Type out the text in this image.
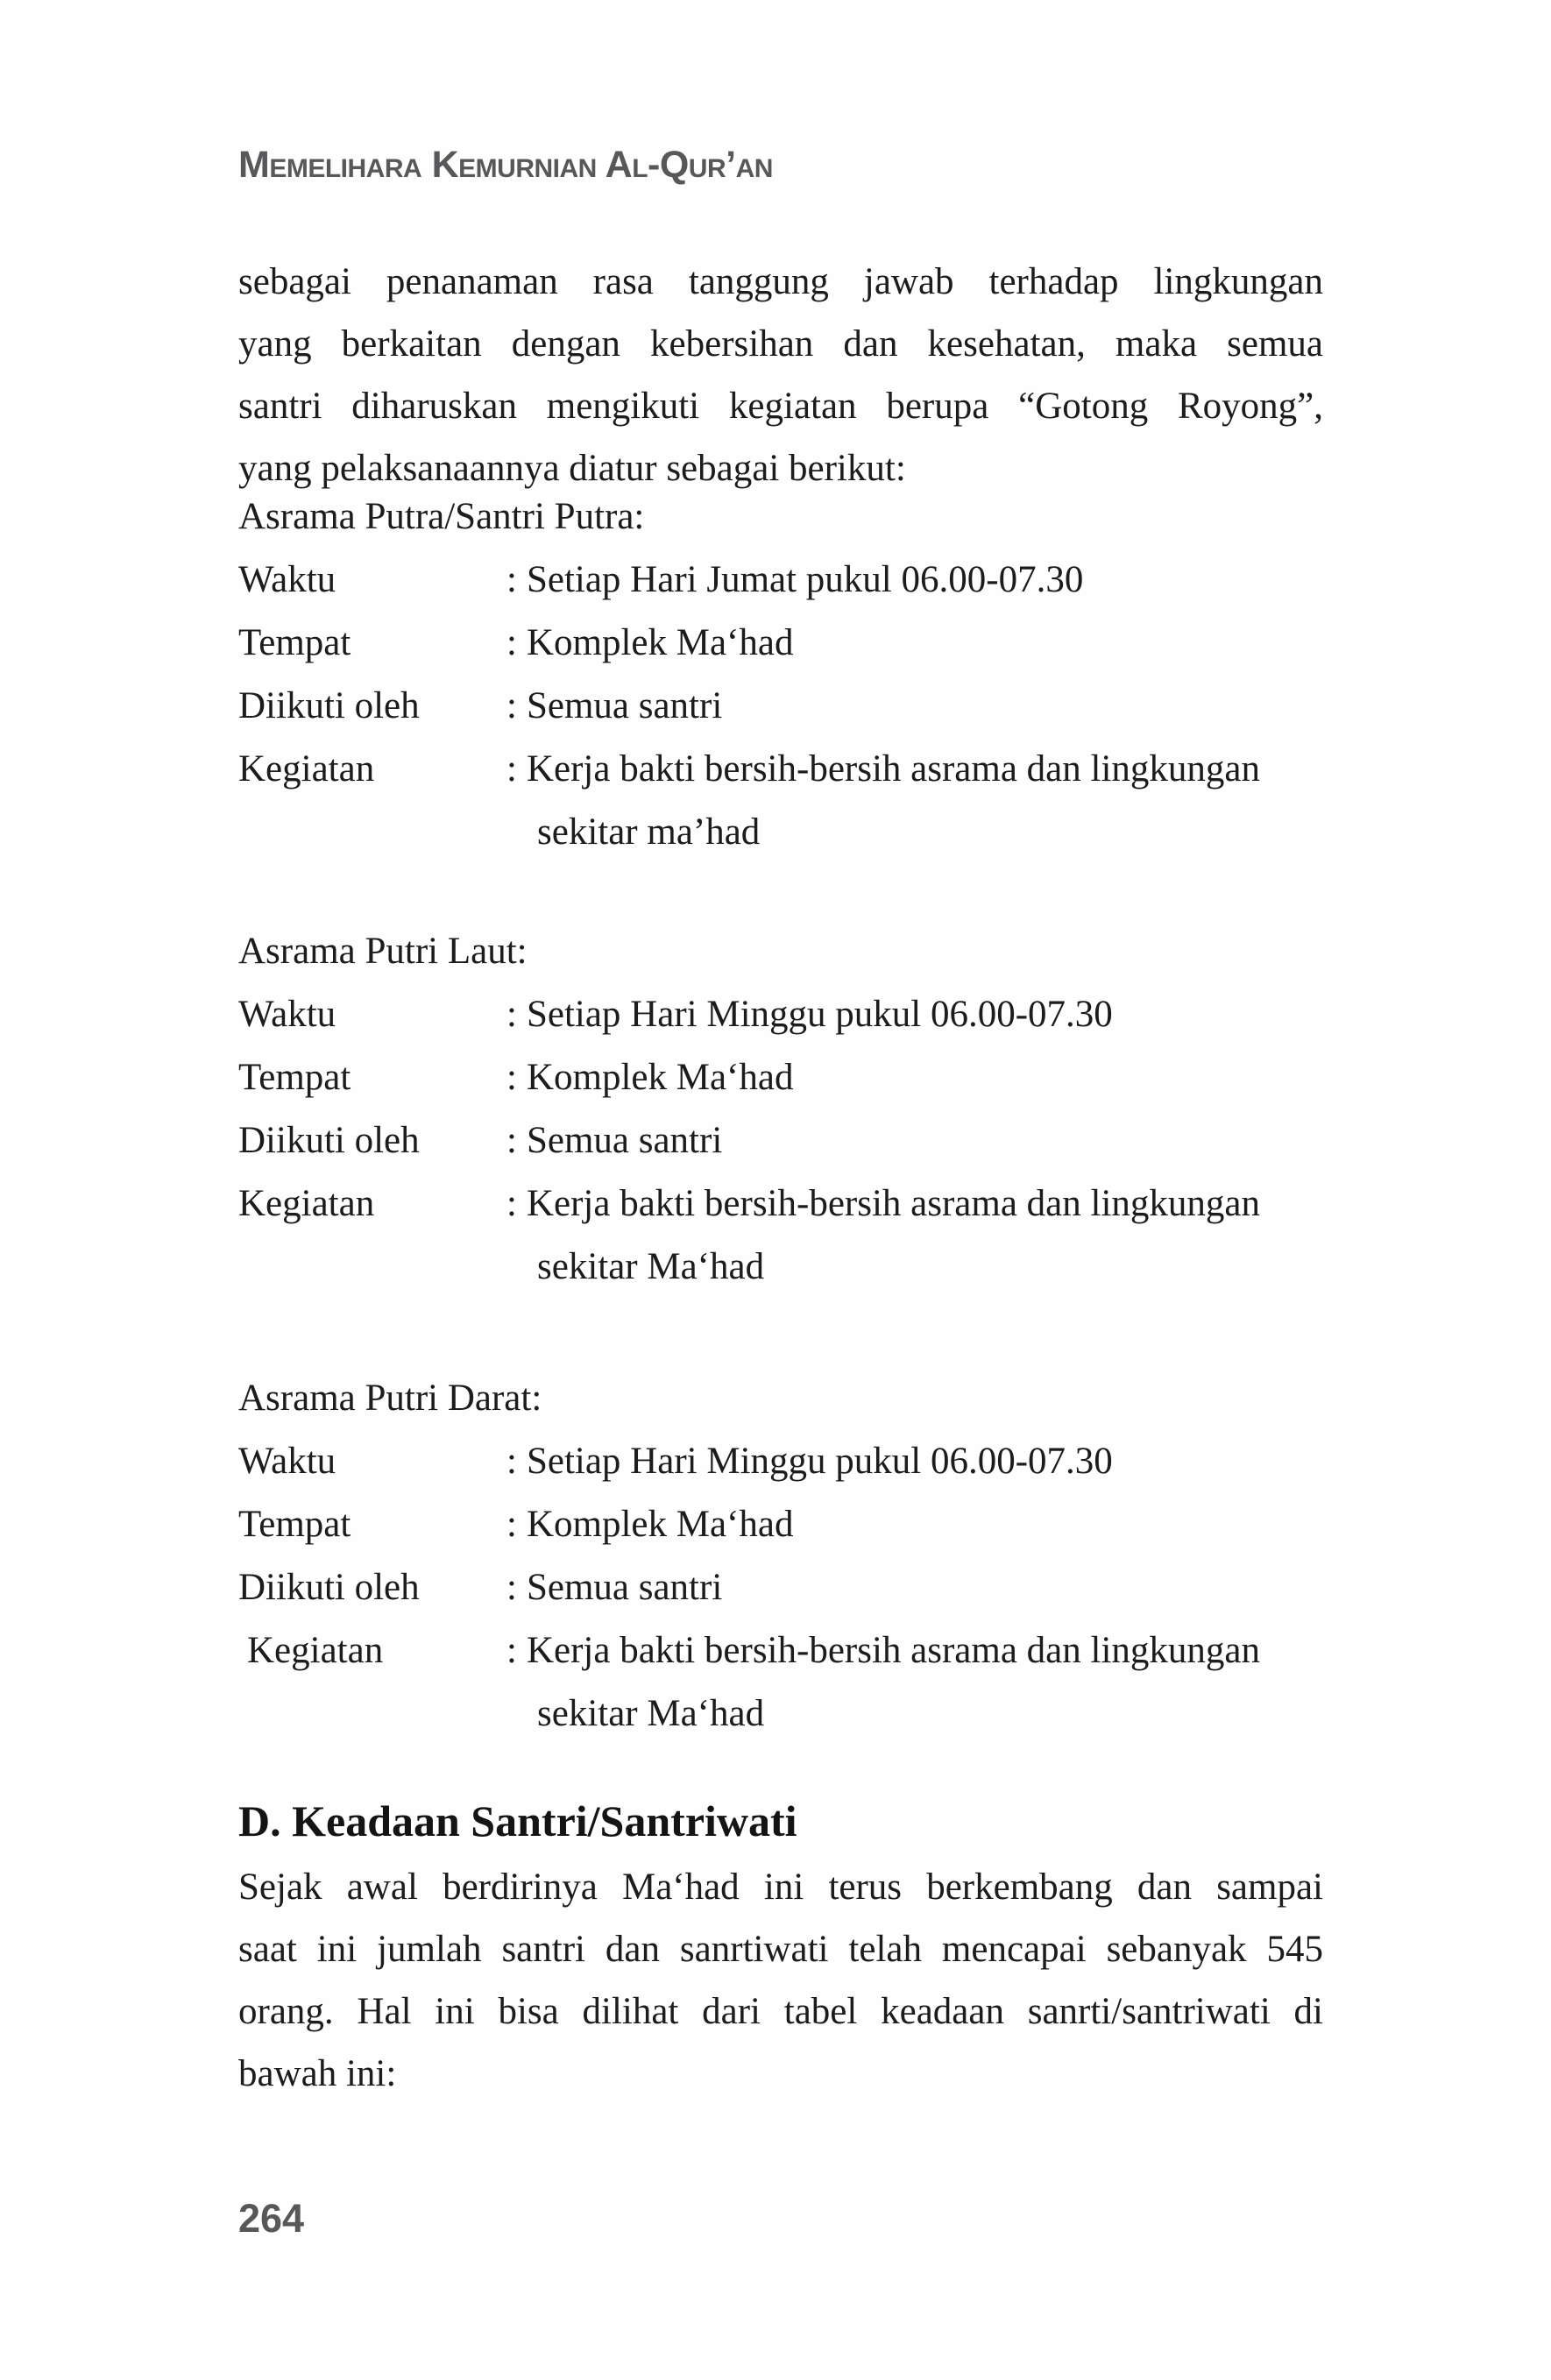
Memelihara Kemurnian Al-Qur’an
sebagai penanaman rasa tanggung jawab terhadap lingkungan
yang berkaitan dengan kebersihan dan kesehatan, maka semua
santri diharuskan mengikuti kegiatan berupa “Gotong Royong”,
yang pelaksanaannya diatur sebagai berikut:
Asrama Putra/Santri Putra:
Waktu	: Setiap Hari Jumat pukul 06.00-07.30
Tempat	: Komplek Ma‘had
Diikuti oleh : Semua santri
Kegiatan	: Kerja bakti bersih-bersih asrama dan lingkungan
sekitar ma’had
Asrama Putri Laut:
Waktu	: Setiap Hari Minggu pukul 06.00-07.30
Tempat	: Komplek Ma‘had
Diikuti oleh : Semua santri
Kegiatan	: Kerja bakti bersih-bersih asrama dan lingkungan
sekitar Ma‘had
Asrama Putri Darat:
Waktu	: Setiap Hari Minggu pukul 06.00-07.30
Tempat	: Komplek Ma‘had
Diikuti oleh : Semua santri
Kegiatan	: Kerja bakti bersih-bersih asrama dan lingkungan
sekitar Ma‘had
D. Keadaan Santri/Santriwati
Sejak awal berdirinya Ma‘had ini terus berkembang dan sampai
saat ini jumlah santri dan sanrtiwati telah mencapai sebanyak 545
orang. Hal ini bisa dilihat dari tabel keadaan sanrti/santriwati di
bawah ini:
264
